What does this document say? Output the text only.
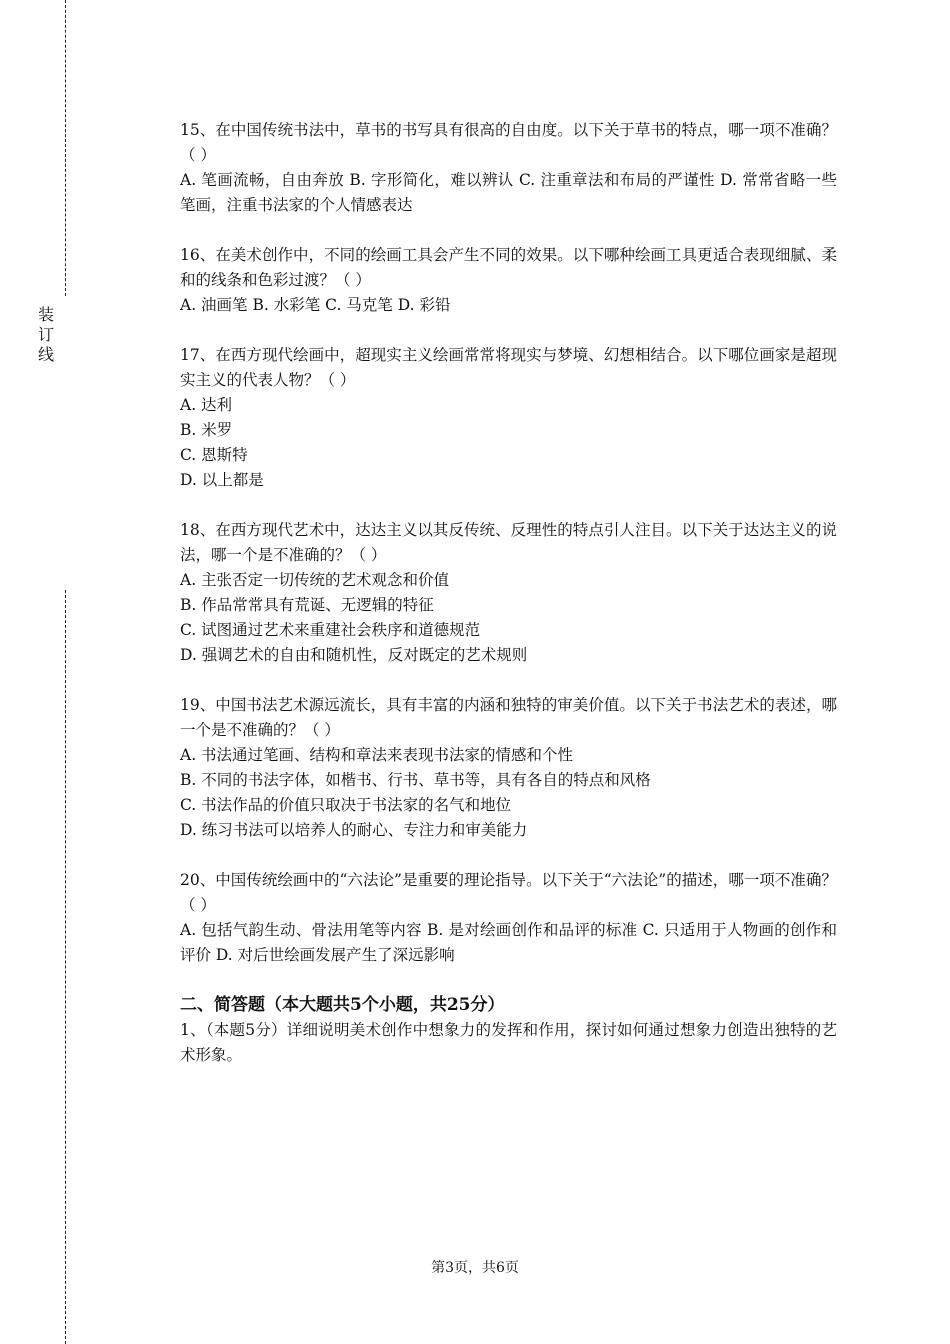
装订线
15、在中国传统书法中，草书的书写具有很高的自由度。以下关于草书的特点，哪一项不准确？（ ）
A. 笔画流畅，自由奔放 B. 字形简化，难以辨认 C. 注重章法和布局的严谨性 D. 常常省略一些笔画，注重书法家的个人情感表达
16、在美术创作中，不同的绘画工具会产生不同的效果。以下哪种绘画工具更适合表现细腻、柔和的线条和色彩过渡？（ ）
A. 油画笔 B. 水彩笔 C. 马克笔 D. 彩铅
17、在西方现代绘画中，超现实主义绘画常常将现实与梦境、幻想相结合。以下哪位画家是超现实主义的代表人物？（ ）
A. 达利
B. 米罗
C. 恩斯特
D. 以上都是
18、在西方现代艺术中，达达主义以其反传统、反理性的特点引人注目。以下关于达达主义的说法，哪一个是不准确的？（ ）
A. 主张否定一切传统的艺术观念和价值
B. 作品常常具有荒诞、无逻辑的特征
C. 试图通过艺术来重建社会秩序和道德规范
D. 强调艺术的自由和随机性，反对既定的艺术规则
19、中国书法艺术源远流长，具有丰富的内涵和独特的审美价值。以下关于书法艺术的表述，哪一个是不准确的？（ ）
A. 书法通过笔画、结构和章法来表现书法家的情感和个性
B. 不同的书法字体，如楷书、行书、草书等，具有各自的特点和风格
C. 书法作品的价值只取决于书法家的名气和地位
D. 练习书法可以培养人的耐心、专注力和审美能力
20、中国传统绘画中的“六法论”是重要的理论指导。以下关于“六法论”的描述，哪一项不准确？（ ）
A. 包括气韵生动、骨法用笔等内容 B. 是对绘画创作和品评的标准 C. 只适用于人物画的创作和评价 D. 对后世绘画发展产生了深远影响
二、简答题（本大题共5个小题，共25分）
1、（本题5分）详细说明美术创作中想象力的发挥和作用，探讨如何通过想象力创造出独特的艺术形象。
第3页，共6页
